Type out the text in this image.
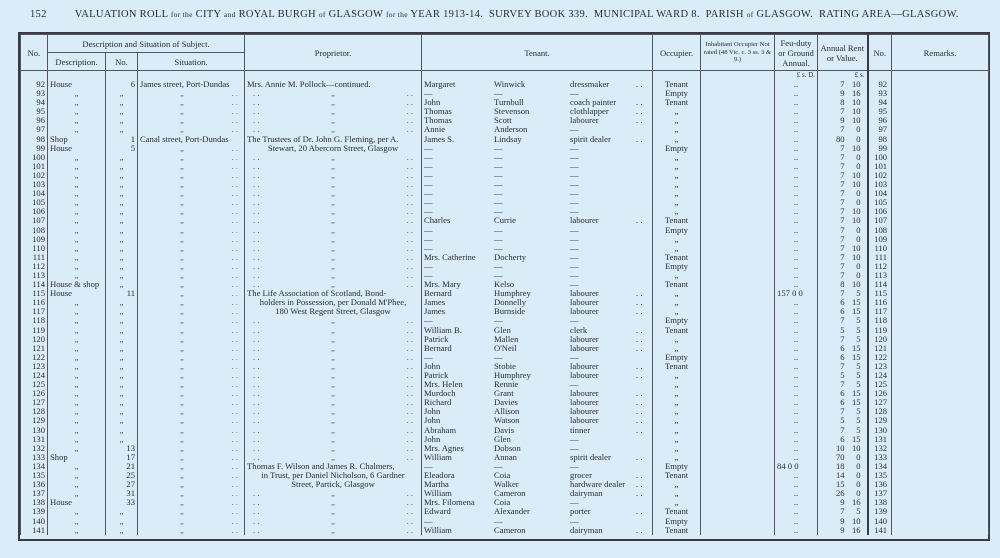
152	VALUATION ROLL for the CITY and ROYAL BURGH of GLASGOW for the YEAR 1913-14. SURVEY BOOK 339. MUNICIPAL WARD 8. PARISH of GLASGOW. RATING AREA—GLASGOW.
No.	Description and Situation of Subject.			Proprietor.	Tenant.	Occupier.	Inhabitant Occupier Not rated (48 Vic. c. 3 ss. 3 & 9.)	Feu-duty or Ground Annual.	Annual Rent or Value.	No.	Remarks.
	Description.	No.	Situation.								
								£ s. D.	£ s.		
92	House	6	James street, Port-Dundas	Mrs. Annie M. Pollock—continued.	Margaret Winwick dressmaker . .	Tenant		..	7 10	92	
93	„	„	„ . .	. . „ . .	— — —	Empty		..	9 16	93	
94	„	„	„ . .	. . „ . .	John Turnbull coach painter . .	Tenant		..	8 10	94	
95	„	„	„ . .	. . „ . .	Thomas Stevenson clothlapper . .	„		..	7 10	95	
96	„	„	„ . .	. . „ . .	Thomas Scott labourer . .	„		..	9 10	96	
97	„	„	„ . .	. . „ . .	Annie Anderson —	„		..	7 0	97	
98	Shop	1	Canal street, Port-Dundas	The Trustees of Dr. John G. Fleming, per A.	James S. Lindsay spirit dealer . .	„		..	80 0	98	
99	House	5	„ . .	Stewart, 20 Abercorn Street, Glasgow	— — —	Empty		..	7 10	99	
100	„	„	„ . .	. . „ . .	— — —	„		..	7 0	100	
101	„	„	„ . .	. . „ . .	— — —	„		..	7 0	101	
102	„	„	„ . .	. . „ . .	— — —	„		..	7 10	102	
103	„	„	„ . .	. . „ . .	— — —	„		..	7 10	103	
104	„	„	„ . .	. . „ . .	— — —	„		..	7 0	104	
105	„	„	„ . .	. . „ . .	— — —	„		..	7 0	105	
106	„	„	„ . .	. . „ . .	— — —	„		..	7 10	106	
107	„	„	„ . .	. . „ . .	Charles Currie labourer . .	Tenant		..	7 10	107	
108	„	„	„ . .	. . „ . .	— — —	Empty		..	7 0	108	
109	„	„	„ . .	. . „ . .	— — —	„		..	7 0	109	
110	„	„	„ . .	. . „ . .	— — —	„		..	7 10	110	
111	„	„	„ . .	. . „ . .	Mrs. Catherine Docherty —	Tenant		..	7 10	111	
112	„	„	„ . .	. . „ . .	— — —	Empty		..	7 0	112	
113	„	„	„ . .	. . „ . .	— — —	„		..	7 0	113	
114	House & shop	„	„ . .	. . „ . .	Mrs. Mary Kelso —	Tenant		..	8 10	114	
115	House	11	„ . .	The Life Association of Scotland, Bond-	Bernard Humphrey labourer . .	„		157 0 0	7 5	115	
116	„	„	„ . .	holders in Possession, per Donald M'Phee,	James Donnelly labourer . .	„		..	6 15	116	
117	„	„	„ . .	180 West Regent Street, Glasgow	James Burnside labourer . .	„		..	6 15	117	
118	„	„	„ . .	. . „ . .	— — —	Empty		..	7 5	118	
119	„	„	„ . .	. . „ . .	William B. Glen clerk . .	Tenant		..	5 5	119	
120	„	„	„ . .	. . „ . .	Patrick Mallen labourer . .	„		..	7 5	120	
121	„	„	„ . .	. . „ . .	Bernard O'Neil labourer . .	„		..	6 15	121	
122	„	„	„ . .	. . „ . .	— — —	Empty		..	6 15	122	
123	„	„	„ . .	. . „ . .	John Stobie labourer . .	Tenant		..	7 5	123	
124	„	„	„ . .	. . „ . .	Patrick Humphrey labourer . .	„		..	5 5	124	
125	„	„	„ . .	. . „ . .	Mrs. Helen Rennie —	„		..	7 5	125	
126	„	„	„ . .	. . „ . .	Murdoch Grant labourer . .	„		..	6 15	126	
127	„	„	„ . .	. . „ . .	Richard Davies labourer . .	„		..	6 15	127	
128	„	„	„ . .	. . „ . .	John Allison labourer . .	„		..	7 5	128	
129	„	„	„ . .	. . „ . .	John Watson labourer . .	„		..	5 5	129	
130	„	„	„ . .	. . „ . .	Abraham Davis tinner . .	„		..	7 5	130	
131	„	„	„ . .	. . „ . .	John Glen —	„		..	6 15	131	
132	„	13	„ . .	. . „ . .	Mrs. Agnes Dobson —	„		..	10 10	132	
133	Shop	17	„ . .	. . „ . .	William Annan spirit dealer . .	„		..	70 0	133	
134	„	21	„ . .	Thomas F. Wilson and James R. Chalmers,	— — —	Empty		84 0 0	18 0	134	
135	„	25	„ . .	in Trust, per Daniel Nicholson, 6 Gardner	Eleadora Coia grocer . .	Tenant		..	14 0	135	
136	„	27	„ . .	Street, Partick, Glasgow	Martha Walker hardware dealer . .	„		..	15 0	136	
137	„	31	„ . .	. . „ . .	William Cameron dairyman . .	„		..	26 0	137	
138	House	33	„ . .	. . „ . .	Mrs. Filomena Coia —	„		..	9 16	138	
139	„	„	„ . .	. . „ . .	Edward Alexander porter . .	Tenant		..	7 5	139	
140	„	„	„ . .	. . „ . .	— — —	Empty		..	9 10	140	
141	„	„	„ . .	. . „ . .	William Cameron dairyman . .	Tenant		..	9 16	141	
